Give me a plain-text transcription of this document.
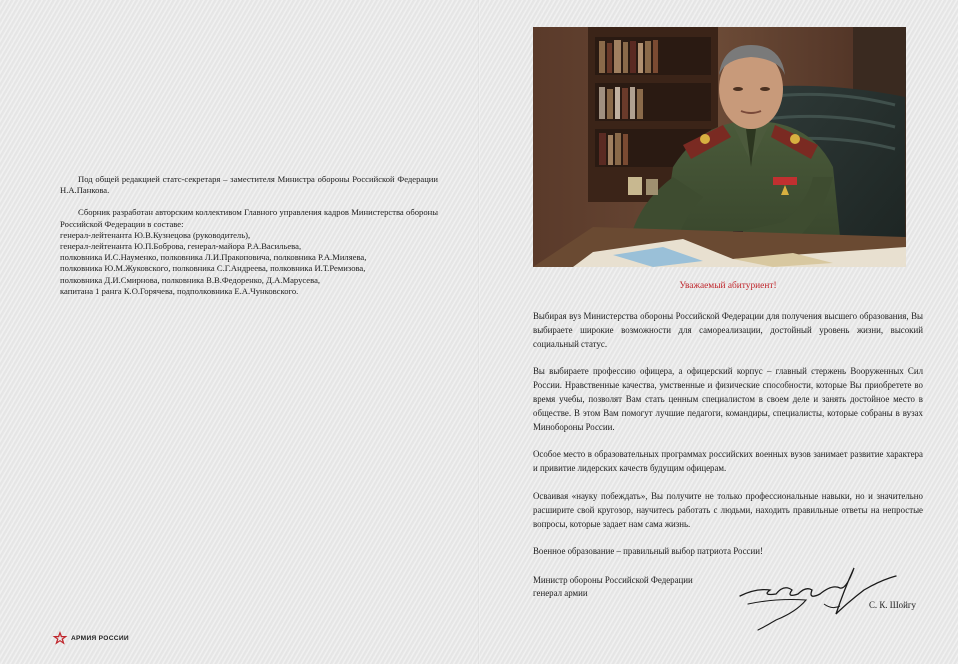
Под общей редакцией статс-секретаря – заместителя Министра обороны Российской Федерации Н.А.Панкова.

Сборник разработан авторским коллективом Главного управления кадров Министерства обороны Российской Федерации в составе:

генерал-лейтенанта Ю.В.Кузнецова (руководитель),
генерал-лейтенанта Ю.П.Боброва, генерал-майора Р.А.Васильева,
полковника И.С.Науменко, полковника Л.И.Пракоповича, полковника Р.А.Миляева,
полковника Ю.М.Жуковского, полковника С.Г.Андреева, полковника И.Т.Ремизова,
полковника Д.И.Смирнова, полковника В.В.Федоренко, Д.А.Марусева,
капитана 1 ранга К.О.Горячева, подполковника Е.А.Чунковского.
АРМИЯ РОССИИ
Уважаемый абитуриент!

Выбирая вуз Министерства обороны Российской Федерации для получения высшего образования, Вы выбираете широкие возможности для самореализации, достойный уровень жизни, высокий социальный статус.

Вы выбираете профессию офицера, а офицерский корпус – главный стержень Вооруженных Сил России. Нравственные качества, умственные и физические способности, которые Вы приобретете во время учебы, позволят Вам стать ценным специалистом в своем деле и занять достойное место в обществе. В этом Вам помогут лучшие педагоги, командиры, специалисты, которые собраны в вузах Минобороны России.

Особое место в образовательных программах российских военных вузов занимает развитие характера и привитие лидерских качеств будущим офицерам.

Осваивая «науку побеждать», Вы получите не только профессиональные навыки, но и значительно расширите свой кругозор, научитесь работать с людьми, находить правильные ответы на непростые вопросы, которые задает нам сама жизнь.

Военное образование – правильный выбор патриота России!

Министр обороны Российской Федерации
генерал армии
С. К. Шойгу
